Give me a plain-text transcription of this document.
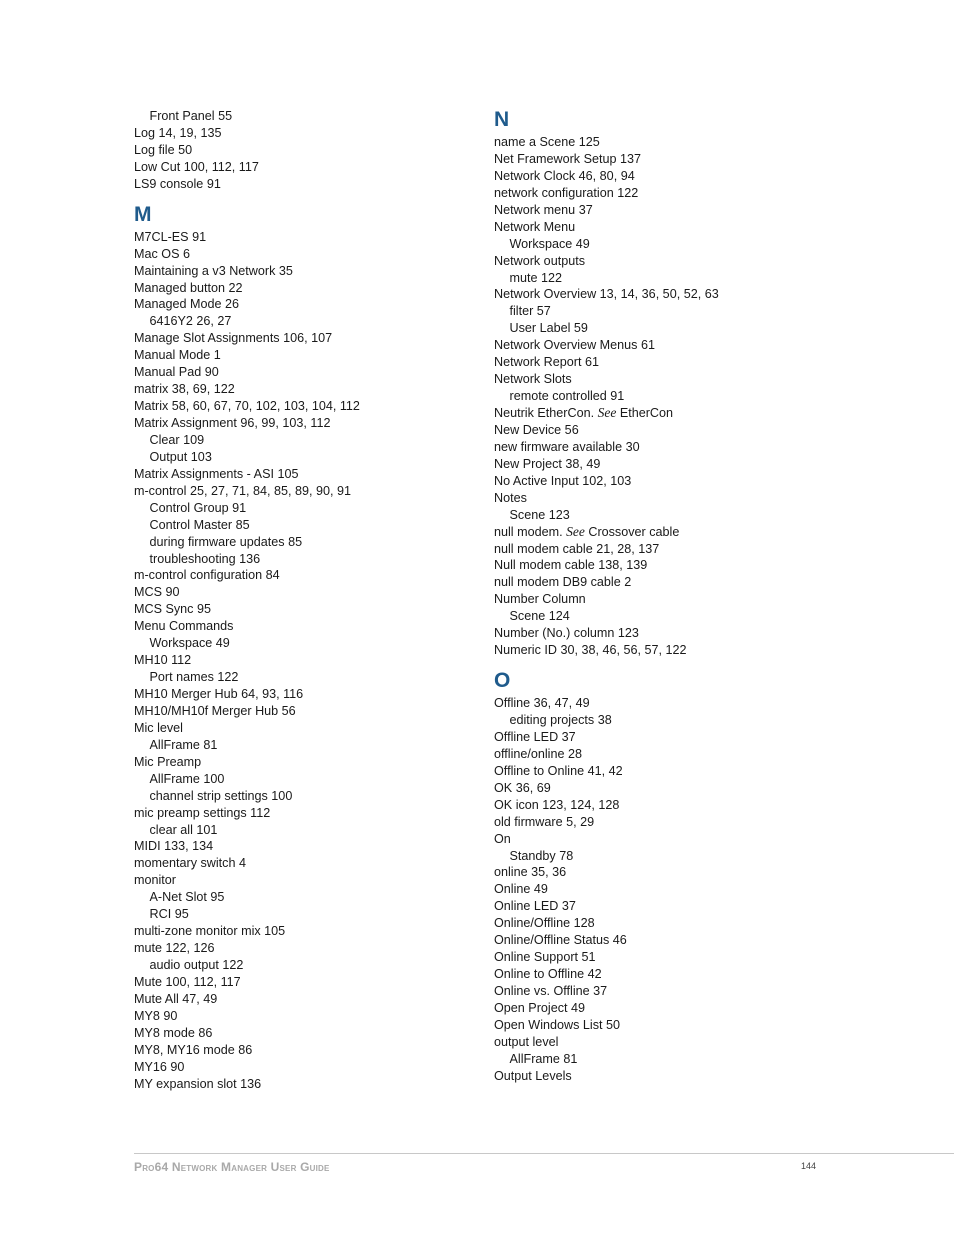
Front Panel 55
Log 14, 19, 135
Log file 50
Low Cut 100, 112, 117
LS9 console 91
M
M7CL-ES 91
Mac OS 6
Maintaining a v3 Network 35
Managed button 22
Managed Mode 26
6416Y2 26, 27
Manage Slot Assignments 106, 107
Manual Mode 1
Manual Pad 90
matrix 38, 69, 122
Matrix 58, 60, 67, 70, 102, 103, 104, 112
Matrix Assignment 96, 99, 103, 112
Clear 109
Output 103
Matrix Assignments - ASI 105
m-control 25, 27, 71, 84, 85, 89, 90, 91
Control Group 91
Control Master 85
during firmware updates 85
troubleshooting 136
m-control configuration 84
MCS 90
MCS Sync 95
Menu Commands
Workspace 49
MH10 112
Port names 122
MH10 Merger Hub 64, 93, 116
MH10/MH10f Merger Hub 56
Mic level
AllFrame 81
Mic Preamp
AllFrame 100
channel strip settings 100
mic preamp settings 112
clear all 101
MIDI 133, 134
momentary switch 4
monitor
A-Net Slot 95
RCI 95
multi-zone monitor mix 105
mute 122, 126
audio output 122
Mute 100, 112, 117
Mute All 47, 49
MY8 90
MY8 mode 86
MY8, MY16 mode 86
MY16 90
MY expansion slot 136
N
name a Scene 125
Net Framework Setup 137
Network Clock 46, 80, 94
network configuration 122
Network menu 37
Network Menu
Workspace 49
Network outputs
mute 122
Network Overview 13, 14, 36, 50, 52, 63
filter 57
User Label 59
Network Overview Menus 61
Network Report 61
Network Slots
remote controlled 91
Neutrik EtherCon. See EtherCon
New Device 56
new firmware available 30
New Project 38, 49
No Active Input 102, 103
Notes
Scene 123
null modem. See Crossover cable
null modem cable 21, 28, 137
Null modem cable 138, 139
null modem DB9 cable 2
Number Column
Scene 124
Number (No.) column 123
Numeric ID 30, 38, 46, 56, 57, 122
O
Offline 36, 47, 49
editing projects 38
Offline LED 37
offline/online 28
Offline to Online 41, 42
OK 36, 69
OK icon 123, 124, 128
old firmware 5, 29
On
Standby 78
online 35, 36
Online 49
Online LED 37
Online/Offline 128
Online/Offline Status 46
Online Support 51
Online to Offline 42
Online vs. Offline 37
Open Project 49
Open Windows List 50
output level
AllFrame 81
Output Levels
Pro64 Network Manager User Guide	144
